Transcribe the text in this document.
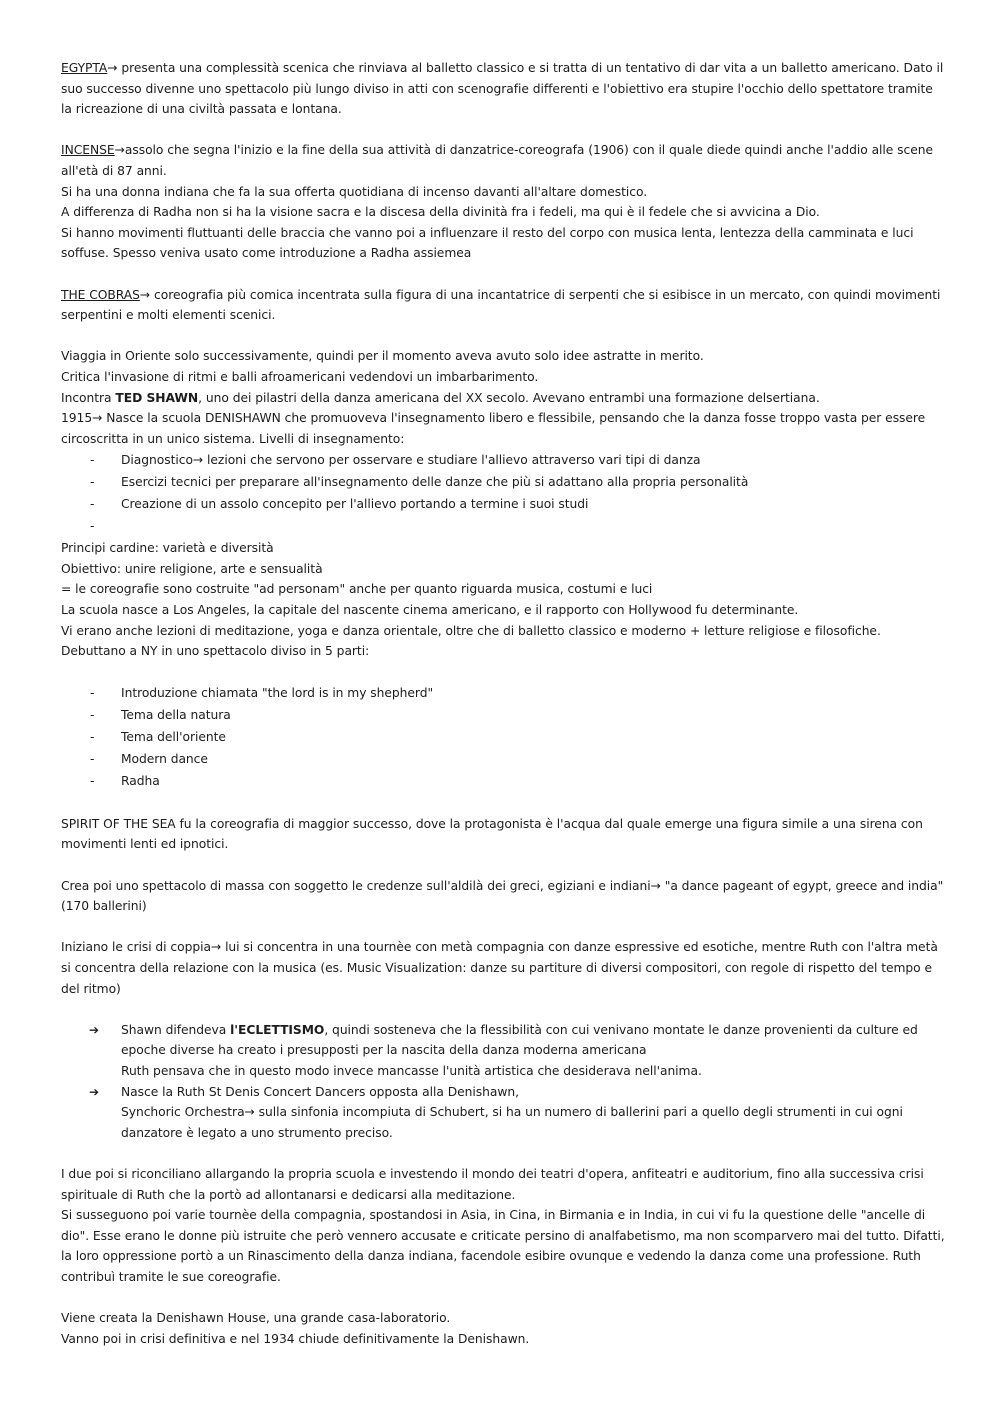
EGYPTA→ presenta una complessità scenica che rinviava al balletto classico e si tratta di un tentativo di dar vita a un balletto americano. Dato il suo successo divenne uno spettacolo più lungo diviso in atti con scenografie differenti e l'obiettivo era stupire l'occhio dello spettatore tramite la ricreazione di una civiltà passata e lontana.

INCENSE→assolo che segna l'inizio e la fine della sua attività di danzatrice-coreografa (1906) con il quale diede quindi anche l'addio alle scene all'età di 87 anni.

Si ha una donna indiana che fa la sua offerta quotidiana di incenso davanti all'altare domestico.

A differenza di Radha non si ha la visione sacra e la discesa della divinità fra i fedeli, ma qui è il fedele che si avvicina a Dio.

Si hanno movimenti fluttuanti delle braccia che vanno poi a influenzare il resto del corpo con musica lenta, lentezza della camminata e luci soffuse. Spesso veniva usato come introduzione a Radha assiemea

THE COBRAS→ coreografia più comica incentrata sulla figura di una incantatrice di serpenti che si esibisce in un mercato, con quindi movimenti serpentini e molti elementi scenici.

Viaggia in Oriente solo successivamente, quindi per il momento aveva avuto solo idee astratte in merito.

Critica l'invasione di ritmi e balli afroamericani vedendovi un imbarbarimento.

Incontra TED SHAWN, uno dei pilastri della danza americana del XX secolo. Avevano entrambi una formazione delsertiana.

1915→ Nasce la scuola DENISHAWN che promuoveva l'insegnamento libero e flessibile, pensando che la danza fosse troppo vasta per essere circoscritta in un unico sistema. Livelli di insegnamento:

- Diagnostico→ lezioni che servono per osservare e studiare l'allievo attraverso vari tipi di danza
- Esercizi tecnici per preparare all'insegnamento delle danze che più si adattano alla propria personalità
- Creazione di un assolo concepito per l'allievo portando a termine i suoi studi
-

Principi cardine: varietà e diversità

Obiettivo: unire religione, arte e sensualità

= le coreografie sono costruite "ad personam" anche per quanto riguarda musica, costumi e luci

La scuola nasce a Los Angeles, la capitale del nascente cinema americano, e il rapporto con Hollywood fu determinante.

Vi erano anche lezioni di meditazione, yoga e danza orientale, oltre che di balletto classico e moderno + letture religiose e filosofiche.

Debuttano a NY in uno spettacolo diviso in 5 parti:

- Introduzione chiamata "the lord is in my shepherd"
- Tema della natura
- Tema dell'oriente
- Modern dance
- Radha

SPIRIT OF THE SEA fu la coreografia di maggior successo, dove la protagonista è l'acqua dal quale emerge una figura simile a una sirena con movimenti lenti ed ipnotici.

Crea poi uno spettacolo di massa con soggetto le credenze sull'aldilà dei greci, egiziani e indiani→ "a dance pageant of egypt, greece and india" (170 ballerini)

Iniziano le crisi di coppia→ lui si concentra in una tournèe con metà compagnia con danze espressive ed esotiche, mentre Ruth con l'altra metà si concentra della relazione con la musica (es. Music Visualization: danze su partiture di diversi compositori, con regole di rispetto del tempo e del ritmo)

➔ Shawn difendeva l'ECLETTISMO, quindi sosteneva che la flessibilità con cui venivano montate le danze provenienti da culture ed epoche diverse ha creato i presupposti per la nascita della danza moderna americana
Ruth pensava che in questo modo invece mancasse l'unità artistica che desiderava nell'anima.
➔ Nasce la Ruth St Denis Concert Dancers opposta alla Denishawn,
Synchoric Orchestra→ sulla sinfonia incompiuta di Schubert, si ha un numero di ballerini pari a quello degli strumenti in cui ogni danzatore è legato a uno strumento preciso.

I due poi si riconciliano allargando la propria scuola e investendo il mondo dei teatri d'opera, anfiteatri e auditorium, fino alla successiva crisi spirituale di Ruth che la portò ad allontanarsi e dedicarsi alla meditazione.

Si susseguono poi varie tournèe della compagnia, spostandosi in Asia, in Cina, in Birmania e in India, in cui vi fu la questione delle "ancelle di dio". Esse erano le donne più istruite che però vennero accusate e criticate persino di analfabetismo, ma non scomparvero mai del tutto. Difatti, la loro oppressione portò a un Rinascimento della danza indiana, facendole esibire ovunque e vedendo la danza come una professione. Ruth contribuì tramite le sue coreografie.

Viene creata la Denishawn House, una grande casa-laboratorio.

Vanno poi in crisi definitiva e nel 1934 chiude definitivamente la Denishawn.
